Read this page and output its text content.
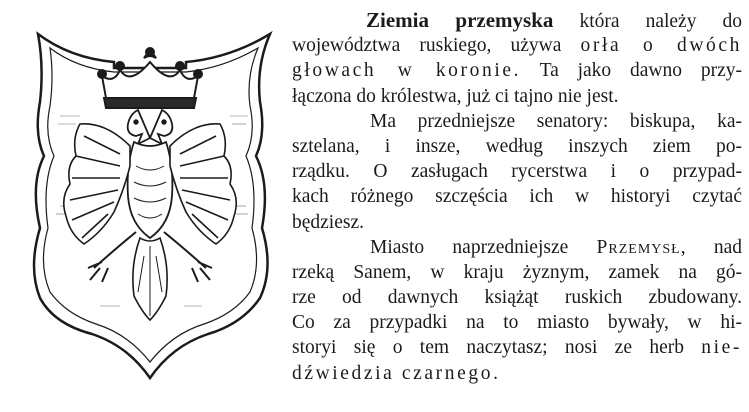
Ziemia przemyska która należy do
województwa ruskiego, używa orła o dwóch
głowach w koronie. Ta jako dawno przy-
łączona do królestwa, już ci tajno nie jest.
Ma przedniejsze senatory: biskupa, ka-
sztelana, i insze, według inszych ziem po-
rządku. O zasługach rycerstwa i o przypad-
kach różnego szczęścia ich w historyi czytać
będziesz.
Miasto naprzedniejsze Przemysł, nad
rzeką Sanem, w kraju żyznym, zamek na gó-
rze od dawnych książąt ruskich zbudowany.
Co za przypadki na to miasto bywały, w hi-
storyi się o tem naczytasz; nosi ze herb nie-
dźwiedzia czarnego.
